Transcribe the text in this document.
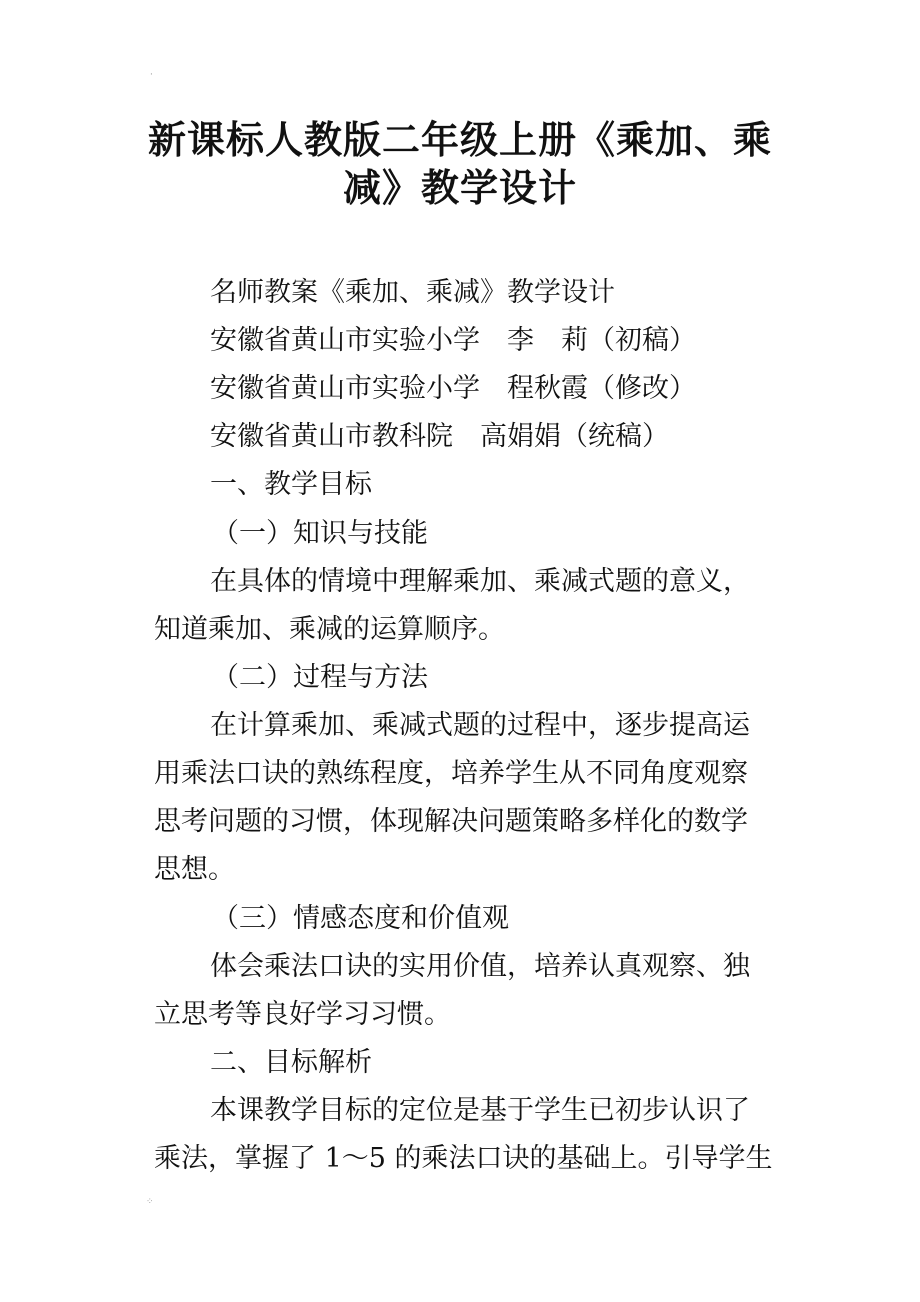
·
新课标人教版二年级上册《乘加、乘
减》教学设计

名师教案《乘加、乘减》教学设计

安徽省黄山市实验小学　李　莉（初稿）

安徽省黄山市实验小学　程秋霞（修改）

安徽省黄山市教科院　高娟娟（统稿）

一、教学目标

（一）知识与技能

在具体的情境中理解乘加、乘减式题的意义，

知道乘加、乘减的运算顺序。

（二）过程与方法

在计算乘加、乘减式题的过程中，逐步提高运

用乘法口诀的熟练程度，培养学生从不同角度观察

思考问题的习惯，体现解决问题策略多样化的数学

思想。

（三）情感态度和价值观

体会乘法口诀的实用价值，培养认真观察、独

立思考等良好学习习惯。

二、目标解析

本课教学目标的定位是基于学生已初步认识了

乘法，掌握了 1～5 的乘法口诀的基础上。引导学生

⁘
